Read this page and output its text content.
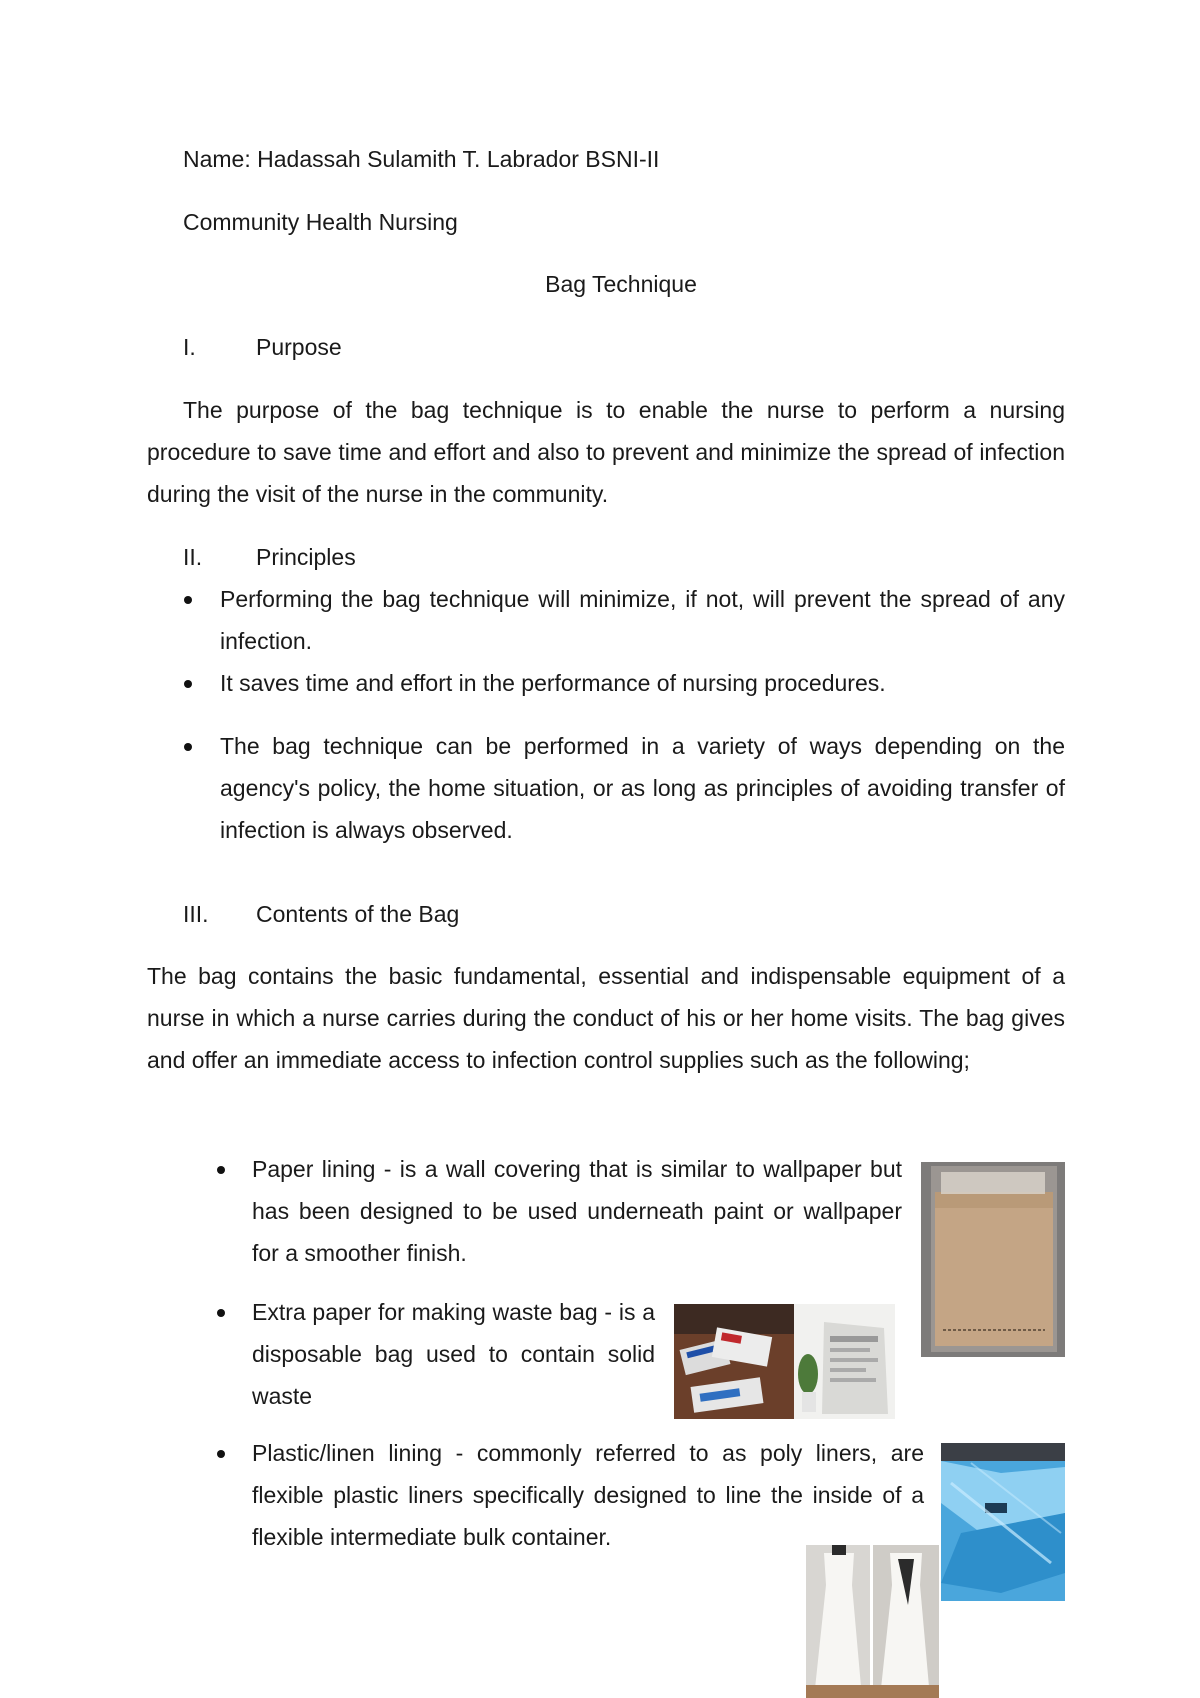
Name: Hadassah Sulamith T. Labrador BSNI-II
Community Health Nursing
Bag Technique
I.	Purpose
The purpose of the bag technique is to enable the nurse to perform a nursing procedure to save time and effort and also to prevent and minimize the spread of infection during the visit of the nurse in the community.
II. Principles
Performing the bag technique will minimize, if not, will prevent the spread of any infection.
It saves time and effort in the performance of nursing procedures.
The bag technique can be performed in a variety of ways depending on the agency's policy, the home situation, or as long as principles of avoiding transfer of infection is always observed.
III. Contents of the Bag
The bag contains the basic fundamental, essential and indispensable equipment of a nurse in which a nurse carries during the conduct of his or her home visits. The bag gives and offer an immediate access to infection control supplies such as the following;
Paper lining - is a wall covering that is similar to wallpaper but has been designed to be used underneath paint or wallpaper for a smoother finish.
Extra paper for making waste bag - is a disposable bag used to contain solid waste
Plastic/linen lining - commonly referred to as poly liners, are flexible plastic liners specifically designed to line the inside of a flexible intermediate bulk container.
